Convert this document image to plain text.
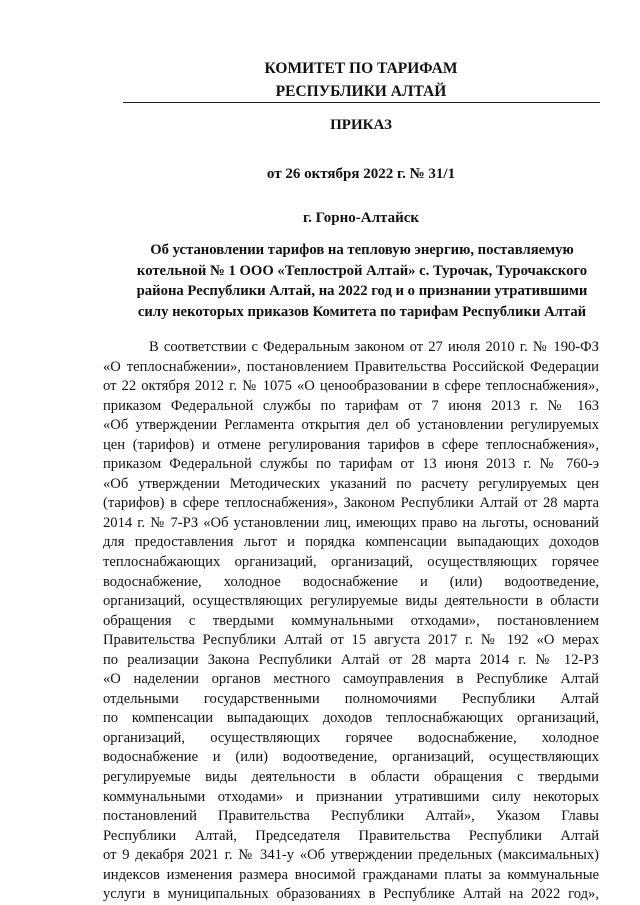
КОМИТЕТ ПО ТАРИФАМ
РЕСПУБЛИКИ АЛТАЙ
ПРИКАЗ
от 26 октября 2022 г. № 31/1
г. Горно-Алтайск
Об установлении тарифов на тепловую энергию, поставляемую
котельной № 1 ООО «Теплострой Алтай» с. Турочак, Турочакского
района Республики Алтай, на 2022 год и о признании утратившими
силу некоторых приказов Комитета по тарифам Республики Алтай
В соответствии с Федеральным законом от 27 июля 2010 г. № 190-ФЗ
«О теплоснабжении», постановлением Правительства Российской Федерации
от 22 октября 2012 г. № 1075 «О ценообразовании в сфере теплоснабжения»,
приказом Федеральной службы по тарифам от 7 июня 2013 г. № 163
«Об утверждении Регламента открытия дел об установлении регулируемых
цен (тарифов) и отмене регулирования тарифов в сфере теплоснабжения»,
приказом Федеральной службы по тарифам от 13 июня 2013 г. № 760-э
«Об утверждении Методических указаний по расчету регулируемых цен
(тарифов) в сфере теплоснабжения», Законом Республики Алтай от 28 марта
2014 г. № 7-РЗ «Об установлении лиц, имеющих право на льготы, оснований
для предоставления льгот и порядка компенсации выпадающих доходов
теплоснабжающих организаций, организаций, осуществляющих горячее
водоснабжение, холодное водоснабжение и (или) водоотведение,
организаций, осуществляющих регулируемые виды деятельности в области
обращения с твердыми коммунальными отходами», постановлением
Правительства Республики Алтай от 15 августа 2017 г. № 192 «О мерах
по реализации Закона Республики Алтай от 28 марта 2014 г. № 12-РЗ
«О наделении органов местного самоуправления в Республике Алтай
отдельными государственными полномочиями Республики Алтай
по компенсации выпадающих доходов теплоснабжающих организаций,
организаций, осуществляющих горячее водоснабжение, холодное
водоснабжение и (или) водоотведение, организаций, осуществляющих
регулируемые виды деятельности в области обращения с твердыми
коммунальными отходами» и признании утратившими силу некоторых
постановлений Правительства Республики Алтай», Указом Главы
Республики Алтай, Председателя Правительства Республики Алтай
от 9 декабря 2021 г. № 341-у «Об утверждении предельных (максимальных)
индексов изменения размера вносимой гражданами платы за коммунальные
услуги в муниципальных образованиях в Республике Алтай на 2022 год»,
